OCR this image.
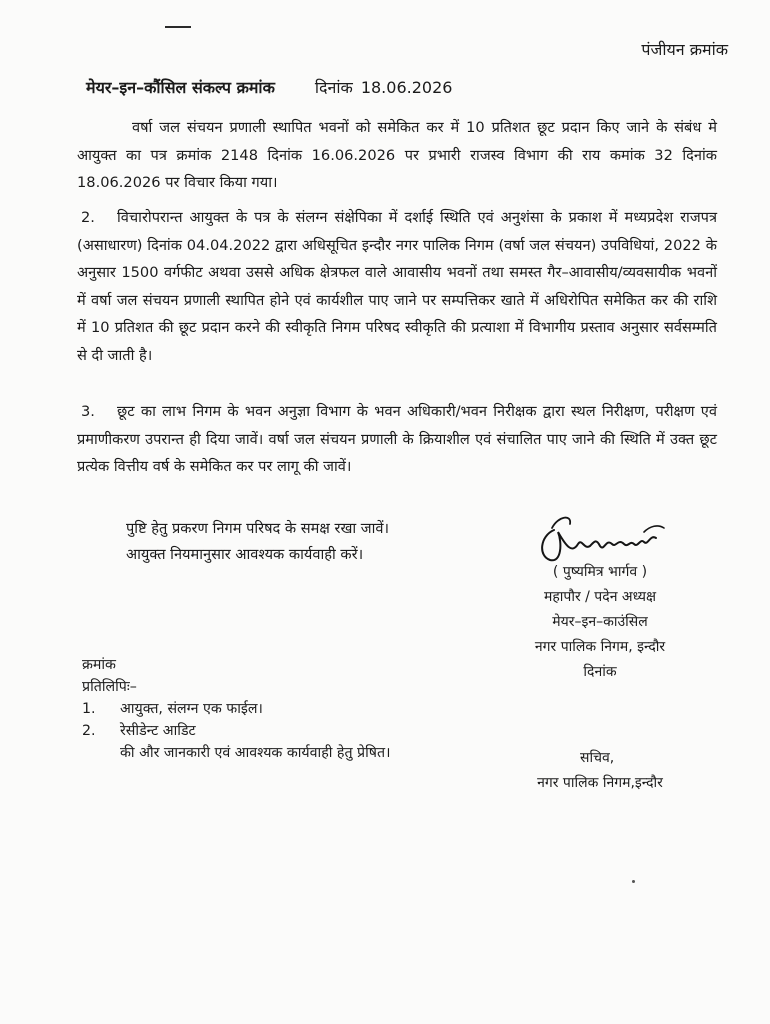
पंजीयन क्रमांक
मेयर–इन–कौंसिल संकल्प क्रमांक	दिनांक 18.06.2026

वर्षा जल संचयन प्रणाली स्थापित भवनों को समेकित कर में 10 प्रतिशत छूट प्रदान किए जाने के संबंध मे आयुक्त का पत्र क्रमांक 2148 दिनांक 16.06.2026 पर प्रभारी राजस्व विभाग की राय कमांक 32 दिनांक 18.06.2026 पर विचार किया गया।

2. विचारोपरान्त आयुक्त के पत्र के संलग्न संक्षेपिका में दर्शाई स्थिति एवं अनुशंसा के प्रकाश में मध्यप्रदेश राजपत्र (असाधारण) दिनांक 04.04.2022 द्वारा अधिसूचित इन्दौर नगर पालिक निगम (वर्षा जल संचयन) उपविधियां, 2022 के अनुसार 1500 वर्गफीट अथवा उससे अधिक क्षेत्रफल वाले आवासीय भवनों तथा समस्त गैर–आवासीय/व्यवसायीक भवनों में वर्षा जल संचयन प्रणाली स्थापित होने एवं कार्यशील पाए जाने पर सम्पत्तिकर खाते में अधिरोपित समेकित कर की राशि में 10 प्रतिशत की छूट प्रदान करने की स्वीकृति निगम परिषद स्वीकृति की प्रत्याशा में विभागीय प्रस्ताव अनुसार सर्वसम्मति से दी जाती है।

3. छूट का लाभ निगम के भवन अनुज्ञा विभाग के भवन अधिकारी/भवन निरीक्षक द्वारा स्थल निरीक्षण, परीक्षण एवं प्रमाणीकरण उपरान्त ही दिया जावें। वर्षा जल संचयन प्रणाली के क्रियाशील एवं संचालित पाए जाने की स्थिति में उक्त छूट प्रत्येक वित्तीय वर्ष के समेकित कर पर लागू की जावें।

पुष्टि हेतु प्रकरण निगम परिषद के समक्ष रखा जावें।
आयुक्त नियमानुसार आवश्यक कार्यवाही करें।
( पुष्यमित्र भार्गव )
महापौर / पदेन अध्यक्ष
मेयर–इन–काउंसिल
नगर पालिक निगम, इन्दौर
दिनांक
क्रमांक
प्रतिलिपिः–
1.	आयुक्त, संलग्न एक फाईल।
2.	रेसीडेन्ट आडिट
की और जानकारी एवं आवश्यक कार्यवाही हेतु प्रेषित।	सचिव,
नगर पालिक निगम,इन्दौर
